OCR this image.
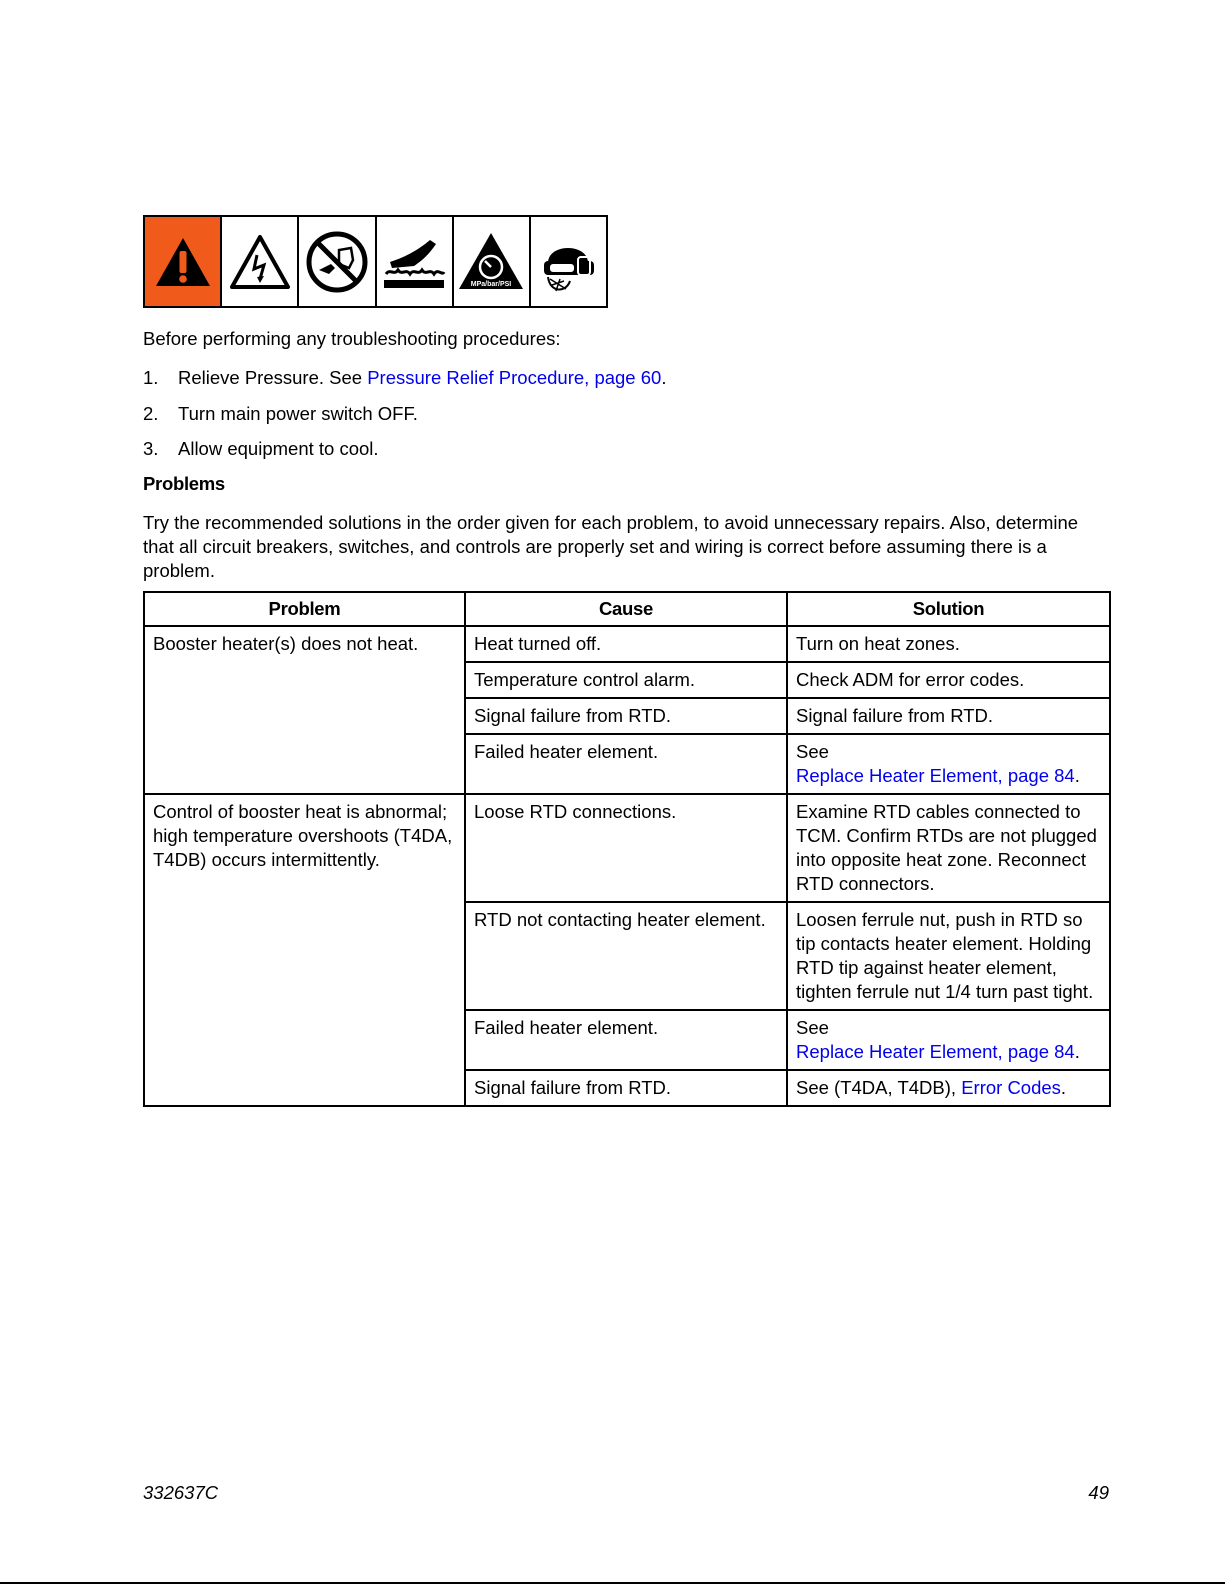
MPa/bar/PSI
Before performing any troubleshooting procedures:
1.	Relieve Pressure. See Pressure Relief Procedure, page 60.
2.	Turn main power switch OFF.
3.	Allow equipment to cool.
Problems
Try the recommended solutions in the order given for each problem, to avoid unnecessary repairs. Also, determine that all circuit breakers, switches, and controls are properly set and wiring is correct before assuming there is a problem.
Problem	Cause	Solution
Booster heater(s) does not heat.	Heat turned off.	Turn on heat zones.
	Temperature control alarm.	Check ADM for error codes.
	Signal failure from RTD.	Signal failure from RTD.
	Failed heater element.	See
Replace Heater Element, page 84.
Control of booster heat is abnormal; high temperature overshoots (T4DA, T4DB) occurs intermittently.	Loose RTD connections.	Examine RTD cables connected to TCM. Confirm RTDs are not plugged into opposite heat zone. Reconnect RTD connectors.
	RTD not contacting heater element.	Loosen ferrule nut, push in RTD so tip contacts heater element. Holding RTD tip against heater element, tighten ferrule nut 1/4 turn past tight.
	Failed heater element.	See
Replace Heater Element, page 84.
	Signal failure from RTD.	See (T4DA, T4DB), Error Codes.
332637C	49
